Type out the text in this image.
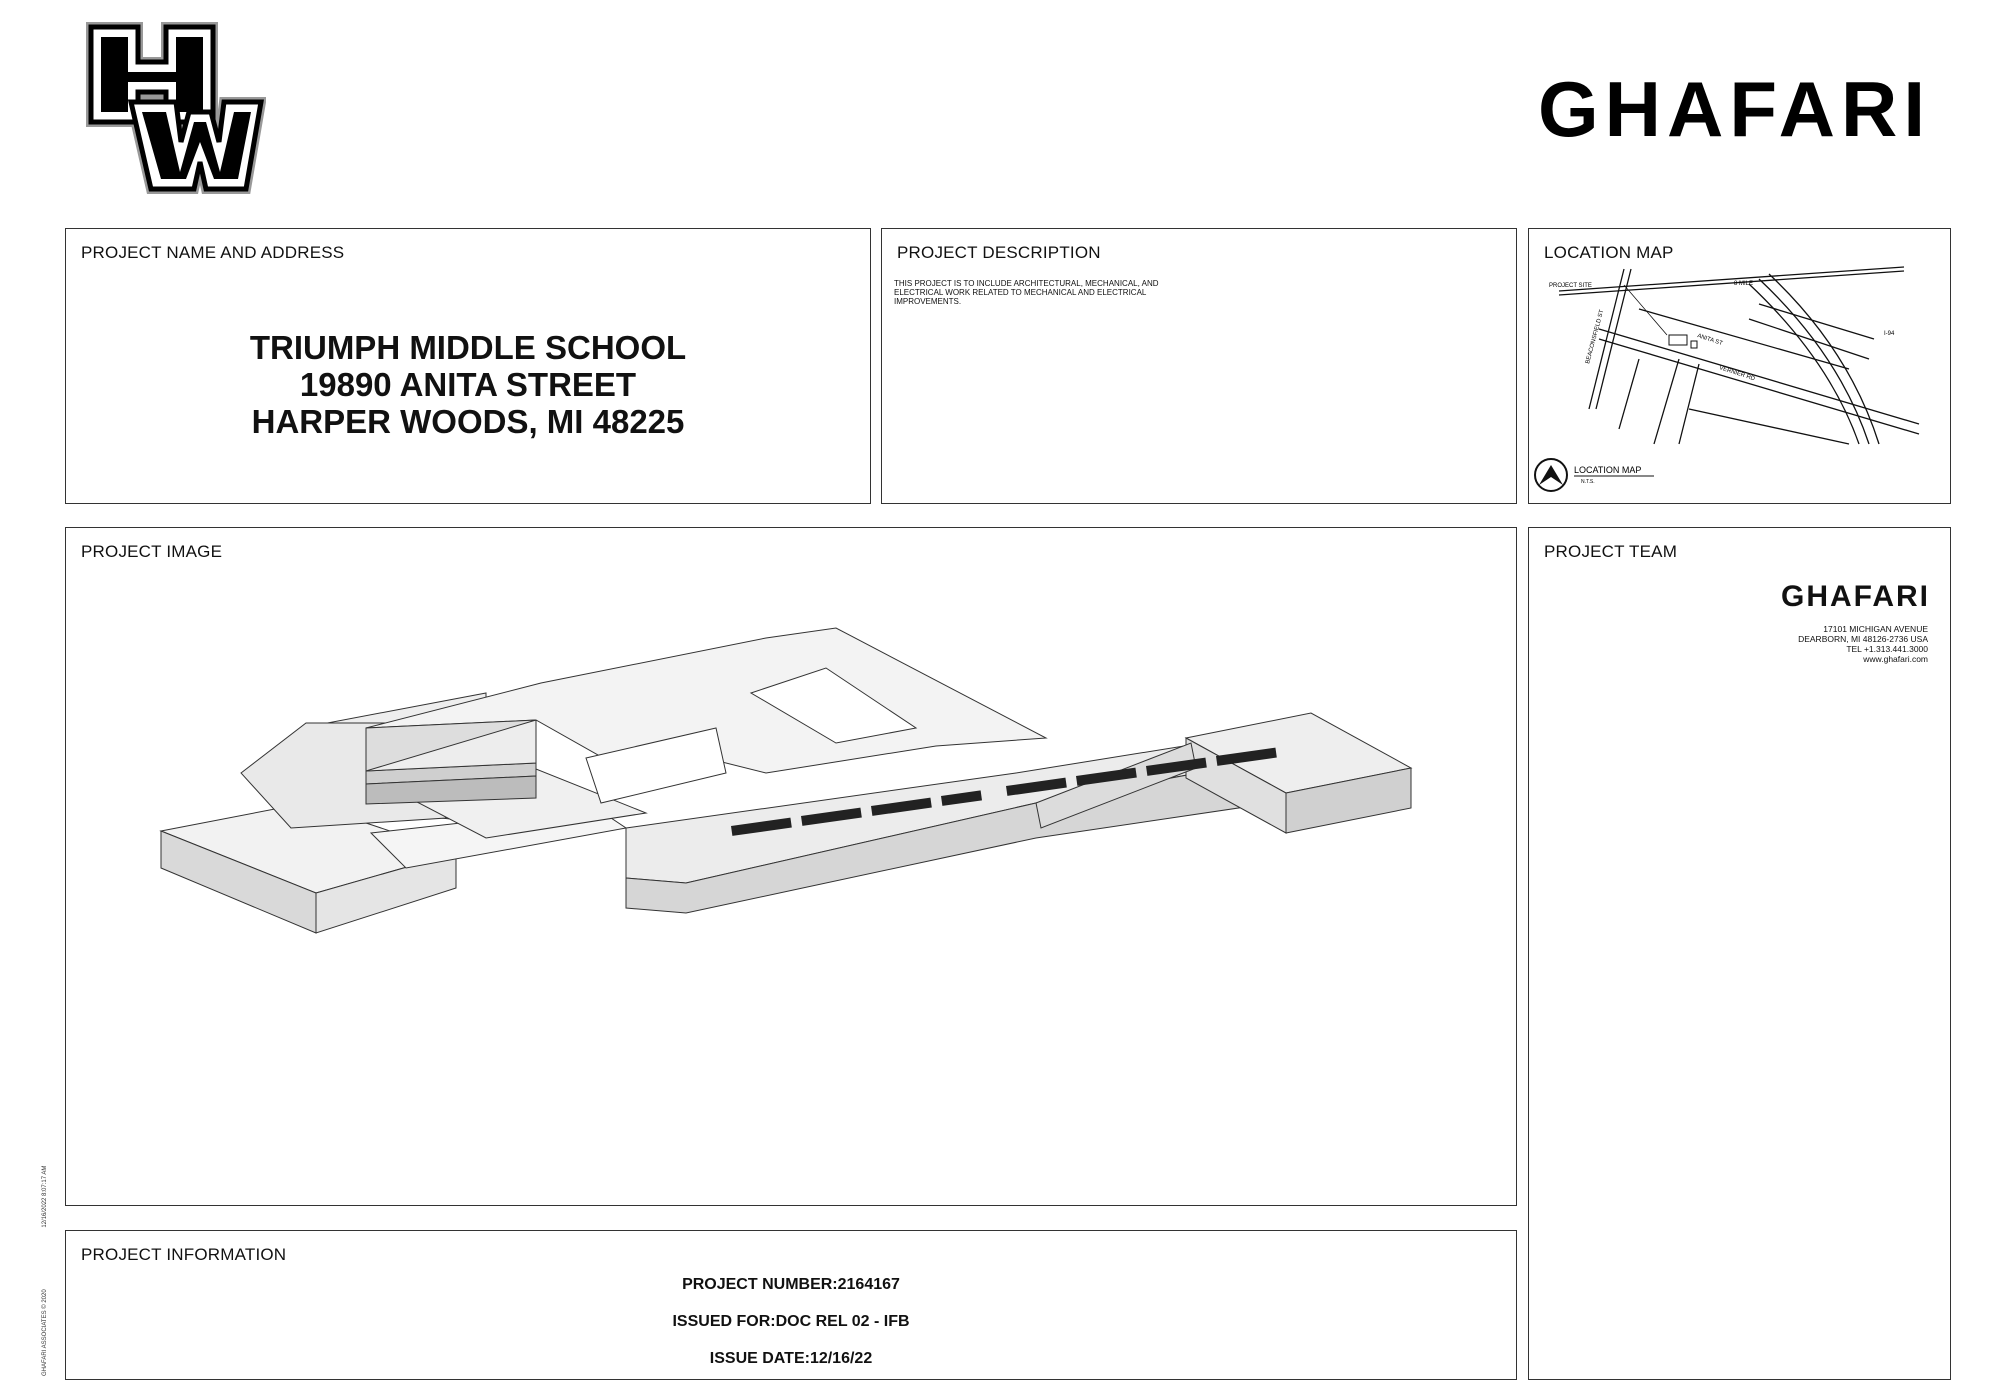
GHAFARI
PROJECT NAME AND ADDRESS
TRIUMPH MIDDLE SCHOOL
19890 ANITA STREET
HARPER WOODS, MI 48225
PROJECT DESCRIPTION
THIS PROJECT IS TO INCLUDE ARCHITECTURAL, MECHANICAL, AND ELECTRICAL WORK RELATED TO MECHANICAL AND ELECTRICAL IMPROVEMENTS.
LOCATION MAP
PROJECT SITE	8 MILE
I-94
ANITA ST
VERNIER RD
BEACONSFIELD ST
LOCATION MAP
N.T.S.
PROJECT IMAGE	PROJECT TEAM
GHAFARI
17101 MICHIGAN AVENUE
DEARBORN, MI 48126-2736 USA
TEL +1.313.441.3000
www.ghafari.com
PROJECT INFORMATION
PROJECT NUMBER:2164167
ISSUED FOR:DOC REL 02 - IFB
ISSUE DATE:12/16/22
GHAFARI ASSOCIATES © 2020 12/16/2022 8:07:17 AM
